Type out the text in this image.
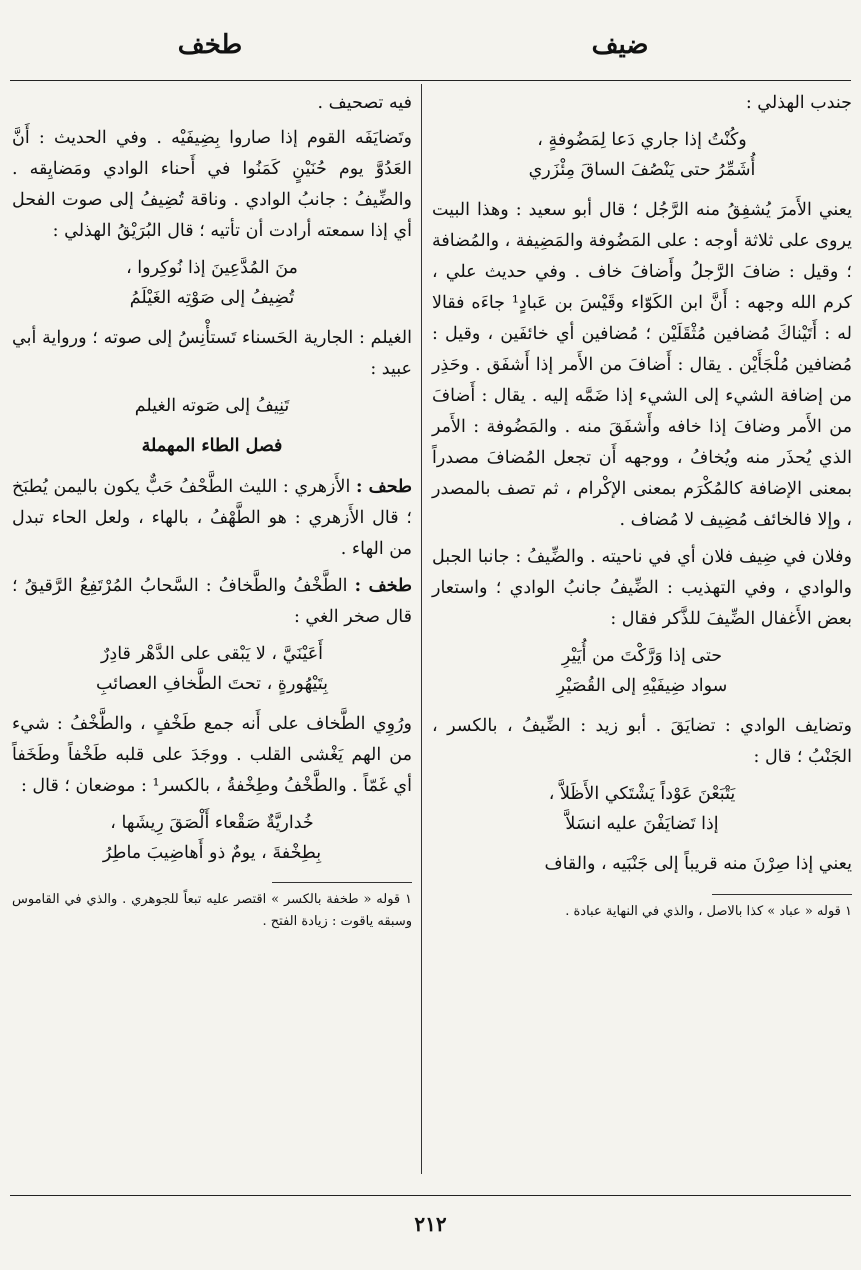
ضيف
طخف

جندب الهذلي :

وكُنْتُ إذا جاري دَعا لِمَضُوفةٍ ،
أُشَمِّرُ حتى يَنْصُفَ الساقَ مِئْزَري

يعني الأَمرَ يُشفِقُ منه الرَّجُل ؛ قال أبو سعيد : وهذا البيت يروى على ثلاثة أوجه : على المَضُوفة والمَضِيفة ، والمُضافة ؛ وقيل : ضافَ الرَّجلُ وأَضافَ خاف . وفي حديث علي ، كرم الله وجهه : أَنَّ ابن الكَوّاء وقَيْسَ بن عَبادٍ¹ جاءَه فقالا له : أَتَيْناكَ مُضافين مُثْقَلَيْن ؛ مُضافين أي خائفَين ، وقيل : مُضافين مُلْجَأَيْن . يقال : أَضافَ من الأَمر إذا أَشفَق . وحَذِر من إضافة الشيء إلى الشيء إذا ضَمَّه إليه . يقال : أَضافَ من الأَمر وضافَ إذا خافه وأَشفَقَ منه . والمَضُوفة : الأَمر الذي يُحذَر منه ويُخافُ ، ووجهه أَن تجعل المُضافَ مصدراً بمعنى الإضافة كالمُكْرَم بمعنى الإكْرام ، ثم تصف بالمصدر ، وإلا فالخائف مُضِيف لا مُضاف .

وفلان في ضِيف فلان أي في ناحيته . والضِّيفُ : جانبا الجبل والوادي ، وفي التهذيب : الضِّيفُ جانبُ الوادي ؛ واستعار بعض الأَغفال الضِّيفَ للذَّكر فقال :

حتى إذا وَرَّكْتَ من أُيَيْرِ
سواد ضِيفَيْهِ إلى القُصَيْرِ

وتضايف الوادي : تضايَقَ . أبو زيد : الضِّيفُ ، بالكسر ، الجَنْبُ ؛ قال :

يَتْبَعْنَ عَوْداً يَشْتَكي الأَظَلاَّ ،
إذا تَضايَفْنَ عليه انسَلاَّ

يعني إذا صِرْنَ منه قريباً إلى جَنْبَيه ، والقاف

١ قوله « عباد » كذا بالاصل ، والذي في النهاية عبادة .

فيه تصحيف .

وتَضايَفَه القوم إذا صاروا بِضِيفَيْه . وفي الحديث : أَنَّ العَدُوَّ يوم حُنَيْنٍ كَمَنُوا في أَحناء الوادي ومَضايِقه . والضِّيفُ : جانبُ الوادي . وناقة تُضِيفُ إلى صوت الفحل أي إذا سمعته أرادت أن تأتيه ؛ قال البُرَيْقُ الهذلي :

منَ المُدَّعِينَ إذا نُوكِروا ،
تُضِيفُ إلى صَوْتِه الغَيْلَمُ

الغيلم : الجارية الحَسناء تَستأْنِسُ إلى صوته ؛ ورواية أبي عبيد :

تَنِيفُ إلى صَوته الغيلم
فصل الطاء المهملة

طحف : الأَزهري : الليث الطَّحْفُ حَبٌّ يكون باليمن يُطبَخ ؛ قال الأَزهري : هو الطَّهْفُ ، بالهاء ، ولعل الحاء تبدل من الهاء .

طخف : الطَّخْفُ والطَّخافُ : السَّحابُ المُرْتَفِعُ الرَّقيقُ ؛ قال صخر الغي :

أَعَيْنَيَّ ، لا يَبْقى على الدَّهْر قادِرٌ
بِتَيْهُورةٍ ، تحتَ الطَّخافِ العصائبِ

ورُوِي الطَّخاف على أَنه جمع طَخْفٍ ، والطَّخْفُ : شيء من الهم يَغْشى القلب . ووجَدَ على قلبه طَخْفاً وطَخَفاً أي غَمّاً . والطَّخْفُ وطِخْفةُ ، بالكسر¹ : موضعان ؛ قال :

خُداريَّةٌ صَقْعاء أَلْصَقَ رِيشَها ،
بِطِخْفةَ ، يومٌ ذو أَهاضِيبَ ماطِرُ
١ قوله « طخفة بالكسر » اقتصر عليه تبعاً للجوهري . والذي في القاموس وسبقه ياقوت : زيادة الفتح .
٢١٢
